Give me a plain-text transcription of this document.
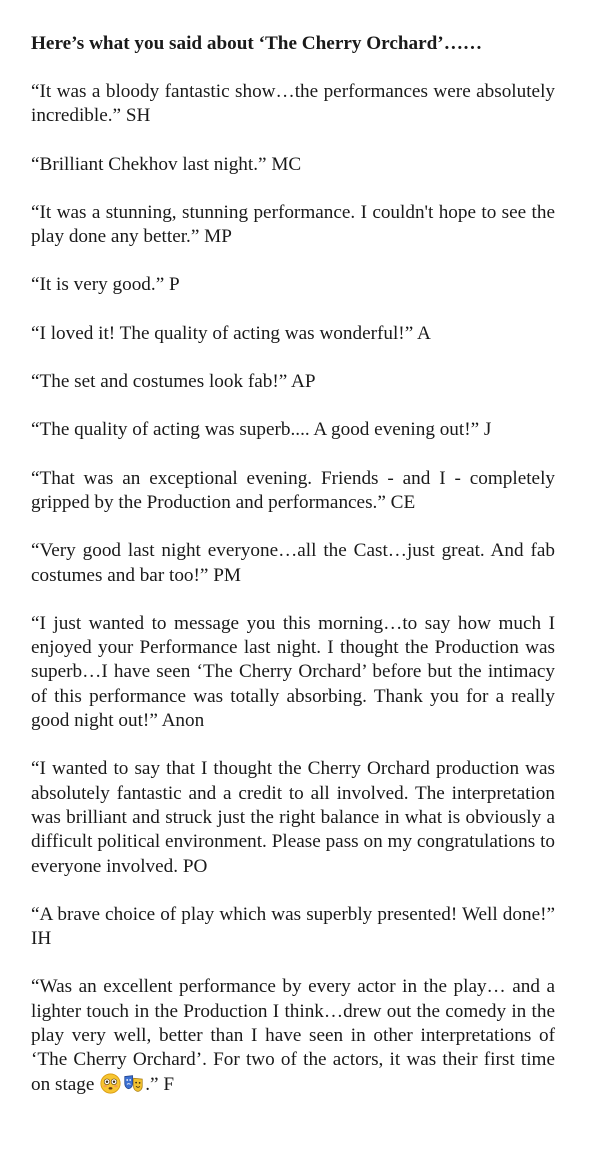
Here’s what you said about ‘The Cherry Orchard’……

“It was a bloody fantastic show…the performances were absolutely incredible.” SH

“Brilliant Chekhov last night.” MC

“It was a stunning, stunning performance. I couldn't hope to see the play done any better.” MP

“It is very good.” P

“I loved it! The quality of acting was wonderful!” A

“The set and costumes look fab!” AP

“The quality of acting was superb.... A good evening out!” J

“That was an exceptional evening. Friends - and I - completely gripped by the Production and performances.” CE

“Very good last night everyone…all the Cast…just great. And fab costumes and bar too!” PM

“I just wanted to message you this morning…to say how much I enjoyed your Performance last night. I thought the Production was superb…I have seen ‘The Cherry Orchard’ before but the intimacy of this performance was totally absorbing. Thank you for a really good night out!” Anon

“I wanted to say that I thought the Cherry Orchard production was absolutely fantastic and a credit to all involved. The interpretation was brilliant and struck just the right balance in what is obviously a difficult political environment. Please pass on my congratulations to everyone involved. PO

“A brave choice of play which was superbly presented! Well done!” IH

“Was an excellent performance by every actor in the play… and a lighter touch in the Production I think…drew out the comedy in the play very well, better than I have seen in other interpretations of ‘The Cherry Orchard’. For two of the actors, it was their first time on stage	.” F
